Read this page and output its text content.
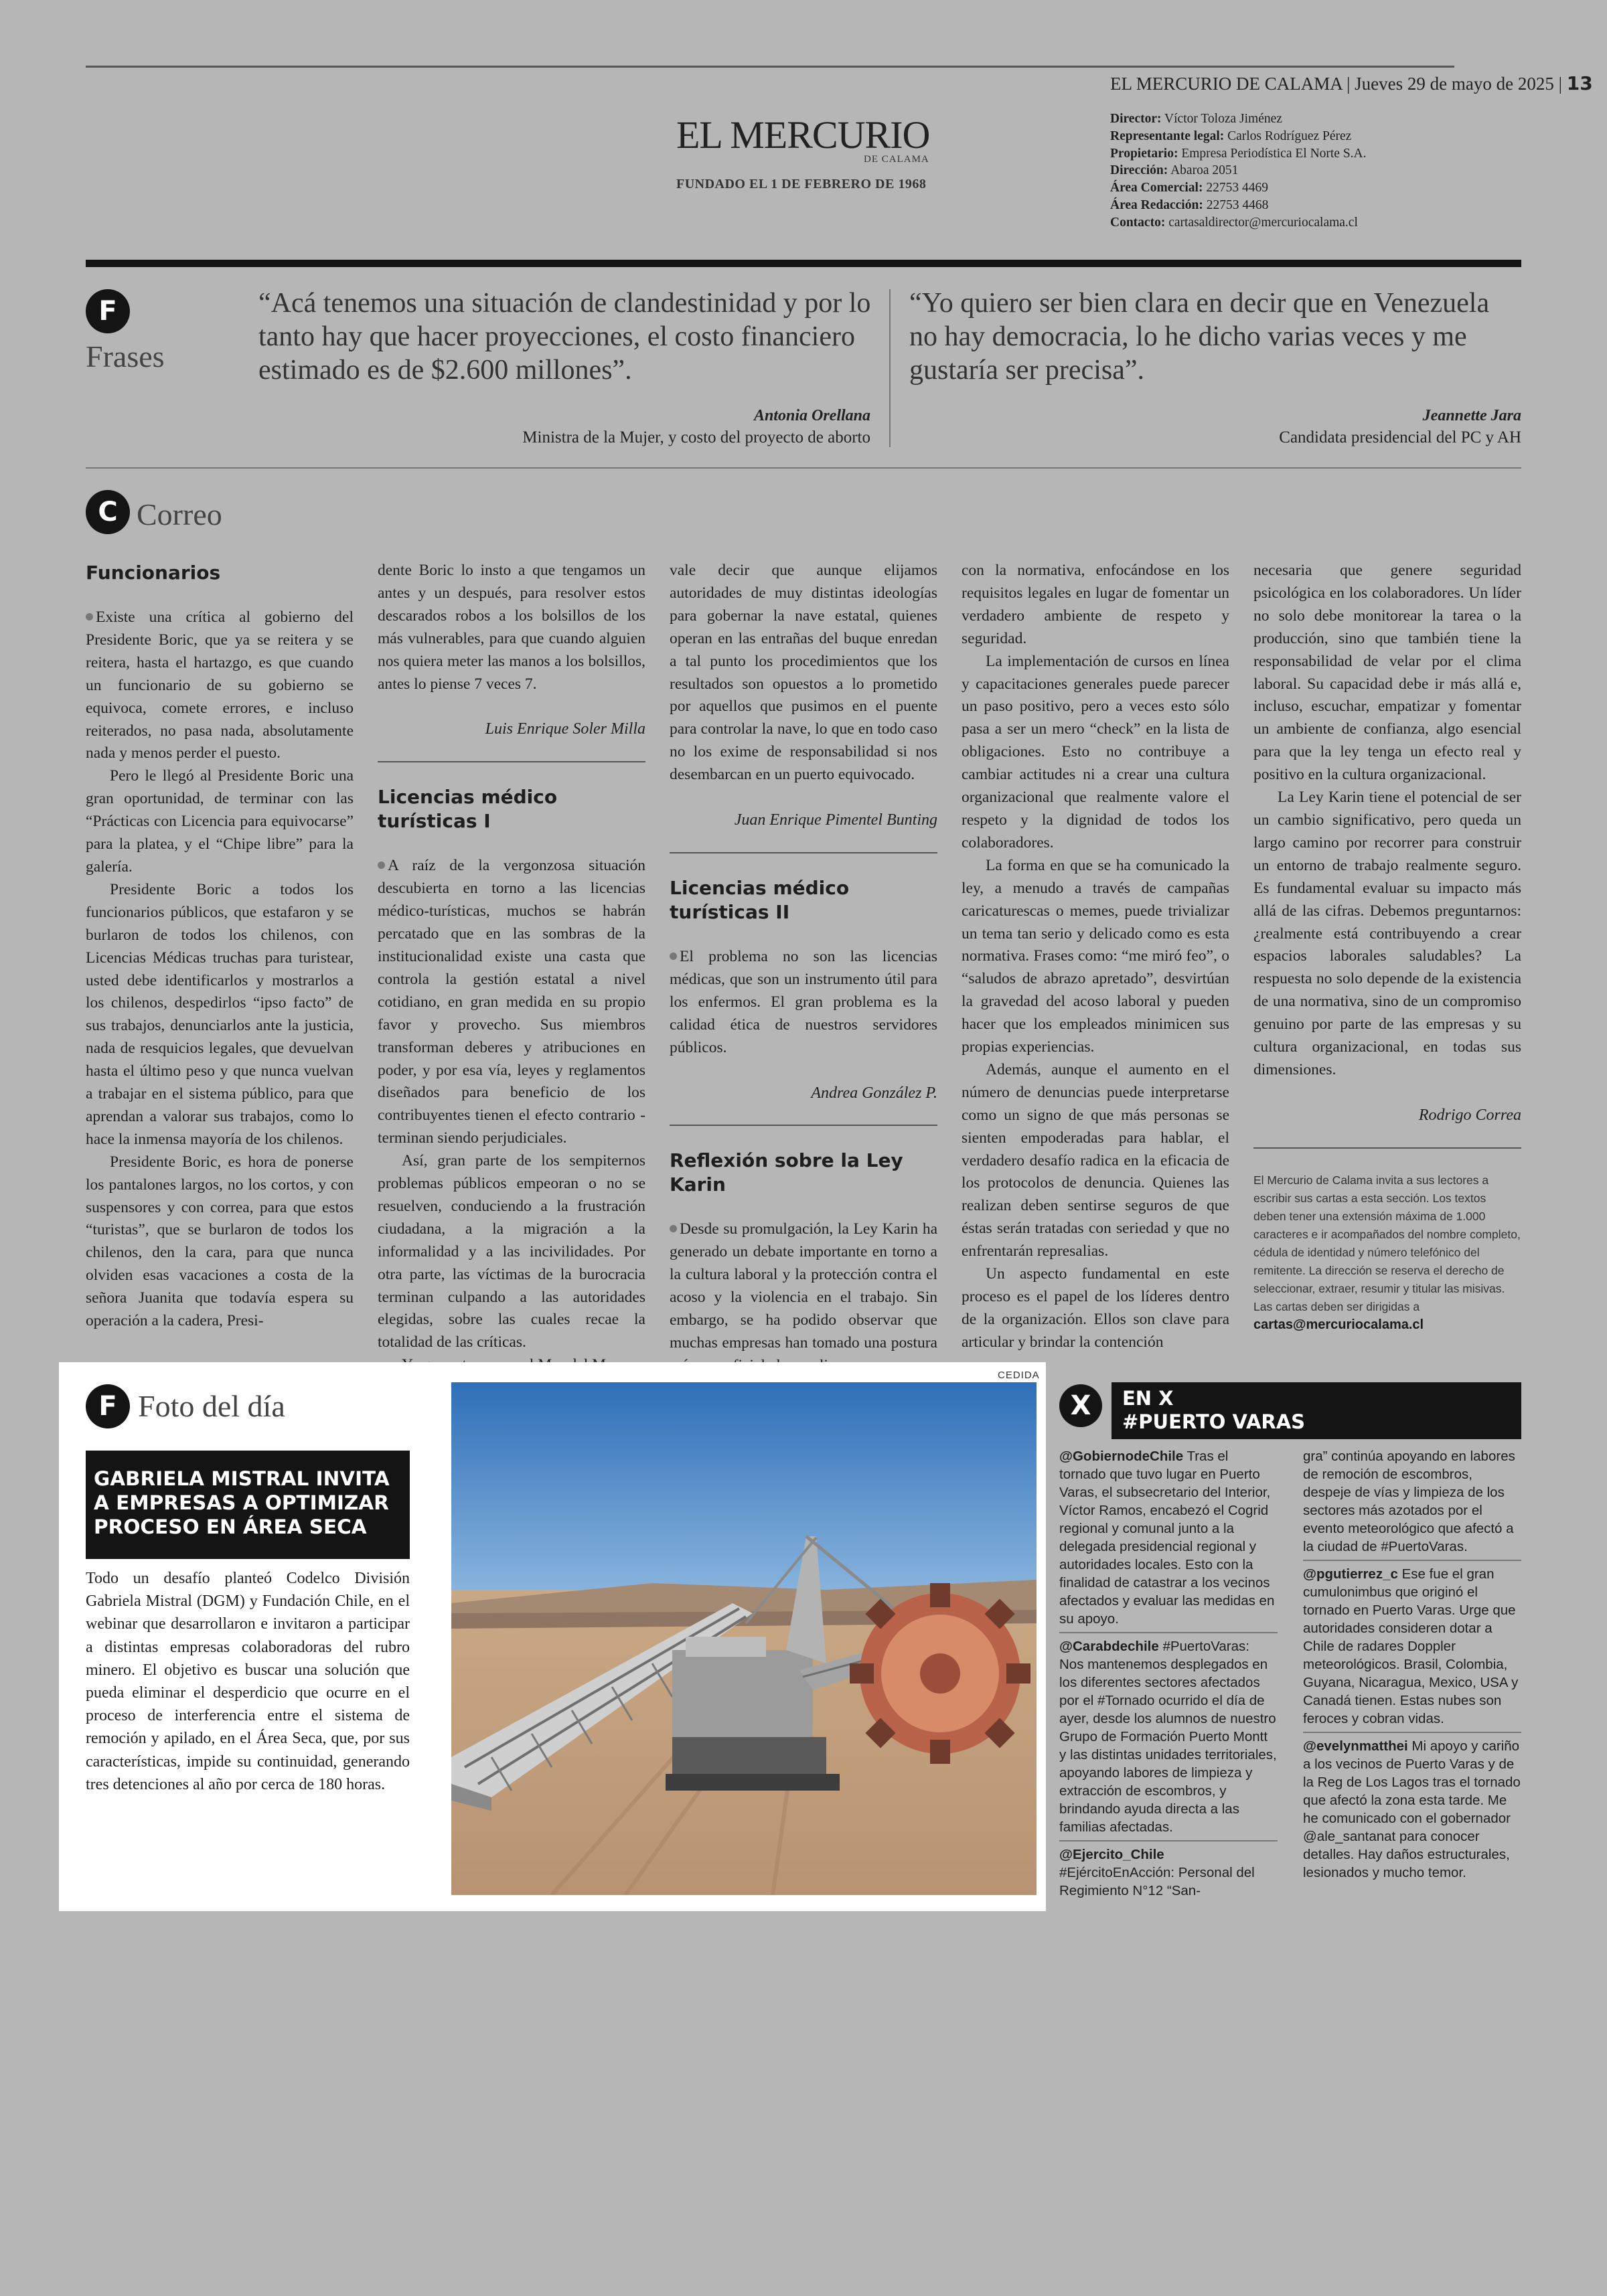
EL MERCURIO DE CALAMA | Jueves 29 de mayo de 2025 | 13
EL MERCURIO
DE CALAMA
FUNDADO EL 1 DE FEBRERO DE 1968
Director: Víctor Toloza Jiménez
Representante legal: Carlos Rodríguez Pérez
Propietario: Empresa Periodística El Norte S.A.
Dirección: Abaroa 2051
Área Comercial: 22753 4469
Área Redacción: 22753 4468
Contacto: cartasaldirector@mercuriocalama.cl
F
Frases
“Acá tenemos una situación de clandestinidad y por lo tanto hay que hacer proyecciones, el costo financiero estimado es de $2.600 millones”.
Antonia Orellana
Ministra de la Mujer, y costo del proyecto de aborto
“Yo quiero ser bien clara en decir que en Venezuela no hay democracia, lo he dicho varias veces y me gustaría ser precisa”.
Jeannette Jara
Candidata presidencial del PC y AH
C Correo
Funcionarios

Existe una crítica al gobierno del Presidente Boric, que ya se reitera y se reitera, hasta el hartazgo, es que cuando un funcionario de su gobierno se equivoca, comete errores, e incluso reiterados, no pasa nada, absolutamente nada y menos perder el puesto.

Pero le llegó al Presidente Boric una gran oportunidad, de terminar con las “Prácticas con Licencia para equivocarse” para la platea, y el “Chipe libre” para la galería.

Presidente Boric a todos los funcionarios públicos, que estafaron y se burlaron de todos los chilenos, con Licencias Médicas truchas para turistear, usted debe identificarlos y mostrarlos a los chilenos, despedirlos “ipso facto” de sus trabajos, denunciarlos ante la justicia, nada de resquicios legales, que devuelvan hasta el último peso y que nunca vuelvan a trabajar en el sistema público, para que aprendan a valorar sus trabajos, como lo hace la inmensa mayoría de los chilenos.

Presidente Boric, es hora de ponerse los pantalones largos, no los cortos, y con suspensores y con correa, para que estos “turistas”, que se burlaron de todos los chilenos, den la cara, para que nunca olviden esas vacaciones a costa de la señora Juanita que todavía espera su operación a la cadera, Presi-

dente Boric lo insto a que tengamos un antes y un después, para resolver estos descarados robos a los bolsillos de los más vulnerables, para que cuando alguien nos quiera meter las manos a los bolsillos, antes lo piense 7 veces 7.

Luis Enrique Soler Milla
Licencias médico turísticas I

A raíz de la vergonzosa situación descubierta en torno a las licencias médico-turísticas, muchos se habrán percatado que en las sombras de la institucionalidad existe una casta que controla la gestión estatal a nivel cotidiano, en gran medida en su propio favor y provecho. Sus miembros transforman deberes y atribuciones en poder, y por esa vía, leyes y reglamentos diseñados para beneficio de los contribuyentes tienen el efecto contrario - terminan siendo perjudiciales.

Así, gran parte de los sempiternos problemas públicos empeoran o no se resuelven, conduciendo a la frustración ciudadana, a la migración a la informalidad y a las incivilidades. Por otra parte, las víctimas de la burocracia terminan culpando a las autoridades elegidas, sobre las cuales recae la totalidad de las críticas.

vale decir que aunque elijamos autoridades de muy distintas ideologías para gobernar la nave estatal, quienes operan en las entrañas del buque enredan a tal punto los procedimientos que los resultados son opuestos a lo prometido por aquellos que pusimos en el puente para controlar la nave, lo que en todo caso no los exime de responsabilidad si nos desembarcan en un puerto equivocado.

Juan Enrique Pimentel Bunting
Licencias médico turísticas II

El problema no son las licencias médicas, que son un instrumento útil para los enfermos. El gran problema es la calidad ética de nuestros servidores públicos.

Andrea González P.
Reflexión sobre la Ley Karin

Desde su promulgación, la Ley Karin ha generado un debate importante en torno a la cultura laboral y la protección contra el acoso y la violencia en el trabajo. Sin embargo, se ha podido observar que muchas empresas han tomado una postura

con la normativa, enfocándose en los requisitos legales en lugar de fomentar un verdadero ambiente de respeto y seguridad.

La implementación de cursos en línea y capacitaciones generales puede parecer un paso positivo, pero a veces esto sólo pasa a ser un mero “check” en la lista de obligaciones. Esto no contribuye a cambiar actitudes ni a crear una cultura organizacional que realmente valore el respeto y la dignidad de todos los colaboradores.

La forma en que se ha comunicado la ley, a menudo a través de campañas caricaturescas o memes, puede trivializar un tema tan serio y delicado como es esta normativa. Frases como: “me miró feo”, o “saludos de abrazo apretado”, desvirtúan la gravedad del acoso laboral y pueden hacer que los empleados minimicen sus propias experiencias.

Además, aunque el aumento en el número de denuncias puede interpretarse como un signo de que más personas se sienten empoderadas para hablar, el verdadero desafío radica en la eficacia de los protocolos de denuncia. Quienes las realizan deben sentirse seguros de que éstas serán tratadas con seriedad y que no enfrentarán represalias.

Un aspecto fundamental en este proceso es el papel de los líderes dentro de la organización. Ellos son clave para articular y brindar la contención

necesaria que genere seguridad psicológica en los colaboradores. Un líder no solo debe monitorear la tarea o la producción, sino que también tiene la responsabilidad de velar por el clima laboral. Su capacidad debe ir más allá e, incluso, escuchar, empatizar y fomentar un ambiente de confianza, algo esencial para que la ley tenga un efecto real y positivo en la cultura organizacional.

La Ley Karin tiene el potencial de ser un cambio significativo, pero queda un largo camino por recorrer para construir un entorno de trabajo realmente seguro. Es fundamental evaluar su impacto más allá de las cifras. Debemos preguntarnos: ¿realmente está contribuyendo a crear espacios laborales saludables? La respuesta no solo depende de la existencia de una normativa, sino de un compromiso genuino por parte de las empresas y su cultura organizacional, en todas sus dimensiones.

Rodrigo Correa
El Mercurio de Calama invita a sus lectores a escribir sus cartas a esta sección. Los textos deben tener una extensión máxima de 1.000 caracteres e ir acompañados del nombre completo, cédula de identidad y número telefónico del remitente. La dirección se reserva el derecho de seleccionar, extraer, resumir y titular las misivas. Las cartas deben ser dirigidas a cartas@mercuriocalama.cl
F Foto del día
GABRIELA MISTRAL INVITA A EMPRESAS A OPTIMIZAR PROCESO EN ÁREA SECA
Todo un desafío planteó Codelco División Gabriela Mistral (DGM) y Fundación Chile, en el webinar que desarrollaron e invitaron a participar a distintas empresas colaboradoras del rubro minero. El objetivo es buscar una solución que pueda eliminar el desperdicio que ocurre en el proceso de interferencia entre el sistema de remoción y apilado, en el Área Seca, que, por sus características, impide su continuidad, generando tres detenciones al año por cerca de 180 horas.
CEDIDA
X	EN X
#PUERTO VARAS
@GobiernodeChile Tras el tornado que tuvo lugar en Puerto Varas, el subsecretario del Interior, Víctor Ramos, encabezó el Cogrid regional y comunal junto a la delegada presidencial regional y autoridades locales. Esto con la finalidad de catastrar a los vecinos afectados y evaluar las medidas en su apoyo.
@Carabdechile #PuertoVaras: Nos mantenemos desplegados en los diferentes sectores afectados por el #Tornado ocurrido el día de ayer, desde los alumnos de nuestro Grupo de Formación Puerto Montt y las distintas unidades territoriales, apoyando labores de limpieza y extracción de escombros, y brindando ayuda directa a las familias afectadas.
@Ejercito_Chile #EjércitoEnAcción: Personal del Regimiento N°12 “San-
gra” continúa apoyando en labores de remoción de escombros, despeje de vías y limpieza de los sectores más azotados por el evento meteorológico que afectó a la ciudad de #PuertoVaras.
@pgutierrez_c Ese fue el gran cumulonimbus que originó el tornado en Puerto Varas. Urge que autoridades consideren dotar a Chile de radares Doppler meteorológicos. Brasil, Colombia, Guyana, Nicaragua, Mexico, USA y Canadá tienen. Estas nubes son feroces y cobran vidas.
@evelynmatthei Mi apoyo y cariño a los vecinos de Puerto Varas y de la Reg de Los Lagos tras el tornado que afectó la zona esta tarde. Me he comunicado con el gobernador @ale_santanat para conocer detalles. Hay daños estructurales, lesionados y mucho temor.
